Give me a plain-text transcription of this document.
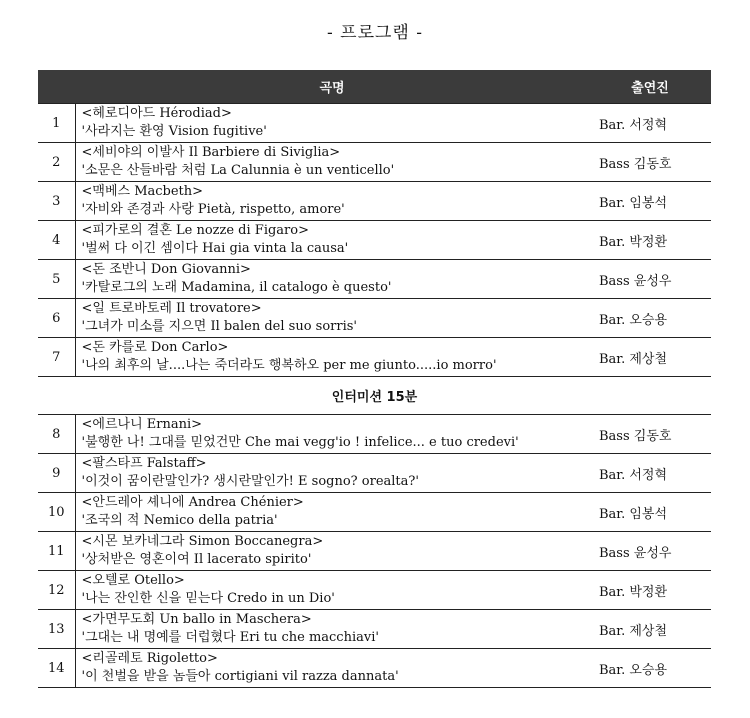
- 프로그램 -
	곡명	출연진
1	<헤로디아드 Hérodiad>
'사라지는 환영 Vision fugitive'	Bar. 서정혁
2	<세비야의 이발사 Il Barbiere di Siviglia>
'소문은 산들바람 처럼 La Calunnia è un venticello'	Bass 김동호
3	<맥베스 Macbeth>
'자비와 존경과 사랑 Pietà, rispetto, amore'	Bar. 임봉석
4	<피가로의 결혼 Le nozze di Figaro>
'벌써 다 이긴 셈이다 Hai gia vinta la causa'	Bar. 박정환
5	<돈 조반니 Don Giovanni>
'카탈로그의 노래 Madamina, il catalogo è questo'	Bass 윤성우
6	<일 트로바토레 Il trovatore>
'그녀가 미소를 지으면 Il balen del suo sorris'	Bar. 오승용
7	<돈 카를로 Don Carlo>
'나의 최후의 날....나는 죽더라도 행복하오 per me giunto.....io morro'	Bar. 제상철
인터미션 15분		
8	<에르나니 Ernani>
'불행한 나! 그대를 믿었건만 Che mai vegg'io ! infelice... e tuo credevi'	Bass 김동호
9	<팔스타프 Falstaff>
'이것이 꿈이란말인가? 생시란말인가! E sogno? orealta?'	Bar. 서정혁
10	<안드레아 셰니에 Andrea Chénier>
'조국의 적 Nemico della patria'	Bar. 임봉석
11	<시몬 보카네그라 Simon Boccanegra>
'상처받은 영혼이여 Il lacerato spirito'	Bass 윤성우
12	<오텔로 Otello>
'나는 잔인한 신을 믿는다 Credo in un Dio'	Bar. 박정환
13	<가면무도회 Un ballo in Maschera>
'그대는 내 명예를 더럽혔다 Eri tu che macchiavi'	Bar. 제상철
14	<리골레토 Rigoletto>
'이 천벌을 받을 놈들아 cortigiani vil razza dannata'	Bar. 오승용
